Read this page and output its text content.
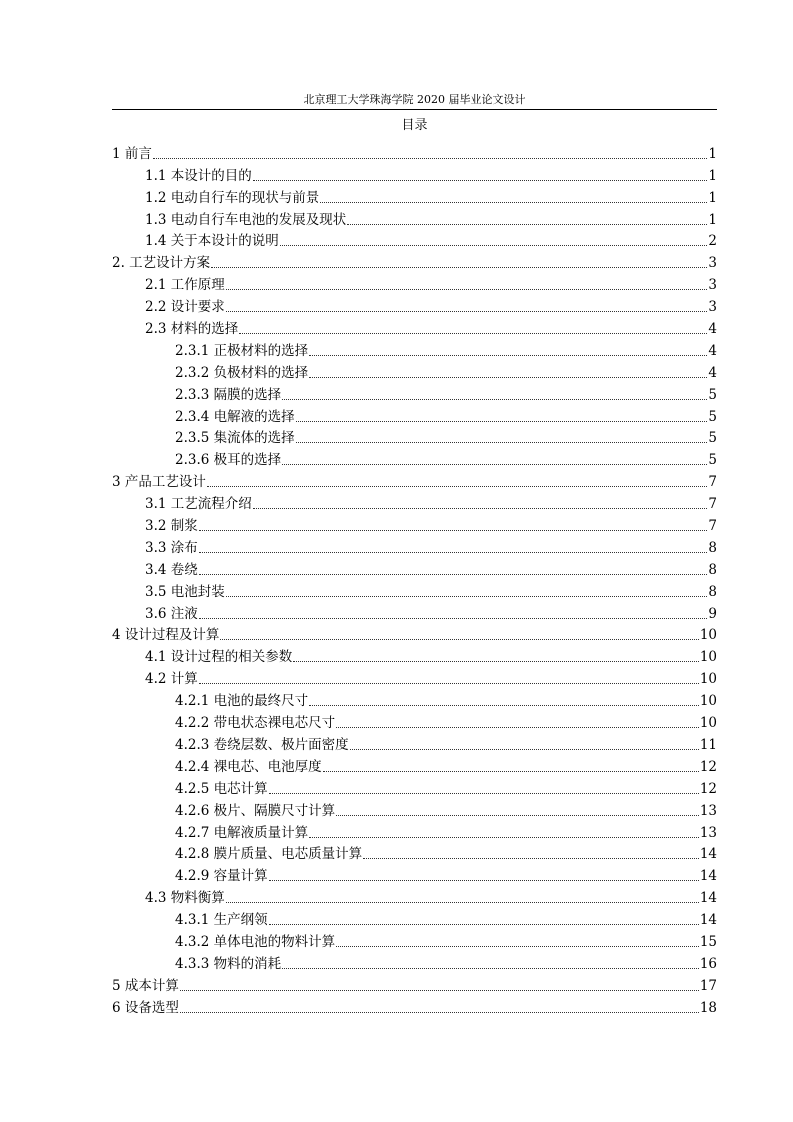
北京理工大学珠海学院 2020 届毕业论文设计
目录
1 前言	1
1.1 本设计的目的	1
1.2 电动自行车的现状与前景	1
1.3 电动自行车电池的发展及现状	1
1.4 关于本设计的说明	2
2. 工艺设计方案	3
2.1 工作原理	3
2.2 设计要求	3
2.3 材料的选择	4
2.3.1 正极材料的选择	4
2.3.2 负极材料的选择	4
2.3.3 隔膜的选择	5
2.3.4 电解液的选择	5
2.3.5 集流体的选择	5
2.3.6 极耳的选择	5
3 产品工艺设计	7
3.1 工艺流程介绍	7
3.2 制浆	7
3.3 涂布	8
3.4 卷绕	8
3.5 电池封装	8
3.6 注液	9
4 设计过程及计算	10
4.1 设计过程的相关参数	10
4.2 计算	10
4.2.1 电池的最终尺寸	10
4.2.2 带电状态裸电芯尺寸	10
4.2.3 卷绕层数、极片面密度	11
4.2.4 裸电芯、电池厚度	12
4.2.5 电芯计算	12
4.2.6 极片、隔膜尺寸计算	13
4.2.7 电解液质量计算	13
4.2.8 膜片质量、电芯质量计算	14
4.2.9 容量计算	14
4.3 物料衡算	14
4.3.1 生产纲领	14
4.3.2 单体电池的物料计算	15
4.3.3 物料的消耗	16
5 成本计算	17
6 设备选型	18
